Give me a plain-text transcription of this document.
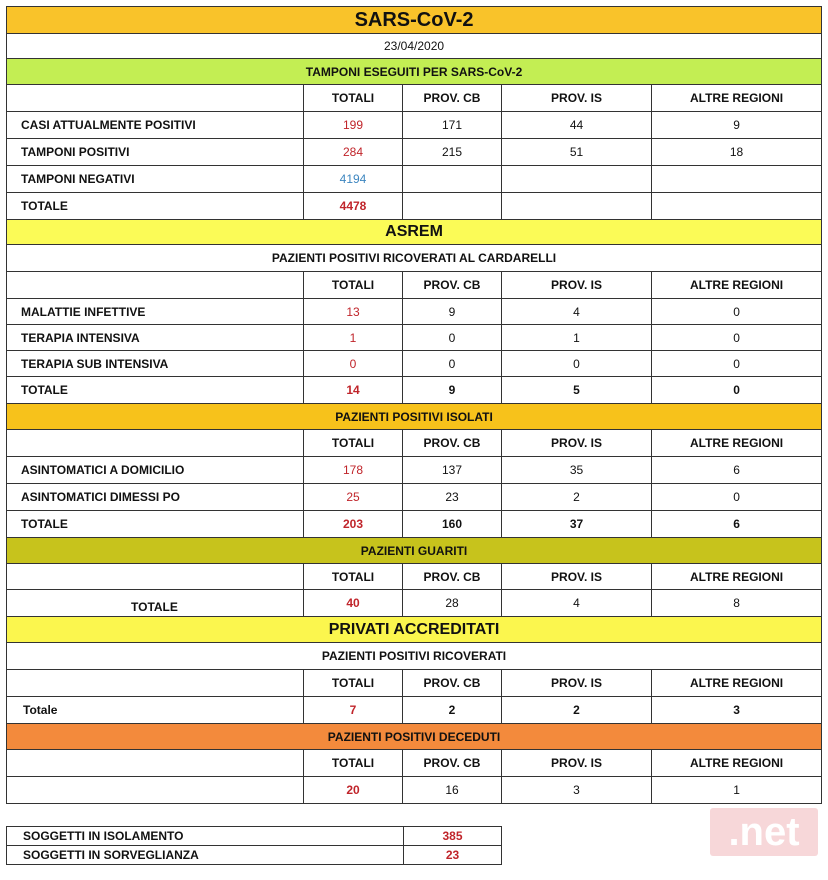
SARS-CoV-2				
23/04/2020				
TAMPONI ESEGUITI PER SARS-CoV-2				
	TOTALI	PROV. CB	PROV. IS	ALTRE REGIONI
CASI ATTUALMENTE POSITIVI	199	171	44	9
TAMPONI POSITIVI	284	215	51	18
TAMPONI NEGATIVI	4194			
TOTALE	4478			
ASREM				
PAZIENTI POSITIVI RICOVERATI AL CARDARELLI				
	TOTALI	PROV. CB	PROV. IS	ALTRE REGIONI
MALATTIE INFETTIVE	13	9	4	0
TERAPIA INTENSIVA	1	0	1	0
TERAPIA SUB INTENSIVA	0	0	0	0
TOTALE	14	9	5	0
PAZIENTI POSITIVI ISOLATI				
	TOTALI	PROV. CB	PROV. IS	ALTRE REGIONI
ASINTOMATICI A DOMICILIO	178	137	35	6
ASINTOMATICI DIMESSI PO	25	23	2	0
TOTALE	203	160	37	6
PAZIENTI GUARITI				
	TOTALI	PROV. CB	PROV. IS	ALTRE REGIONI
TOTALE	40	28	4	8
PRIVATI ACCREDITATI				
PAZIENTI POSITIVI RICOVERATI				
	TOTALI	PROV. CB	PROV. IS	ALTRE REGIONI
Totale	7	2	2	3
PAZIENTI POSITIVI DECEDUTI				
	TOTALI	PROV. CB	PROV. IS	ALTRE REGIONI
	20	16	3	1
SOGGETTI IN ISOLAMENTO	385
SOGGETTI IN SORVEGLIANZA	23
.net
